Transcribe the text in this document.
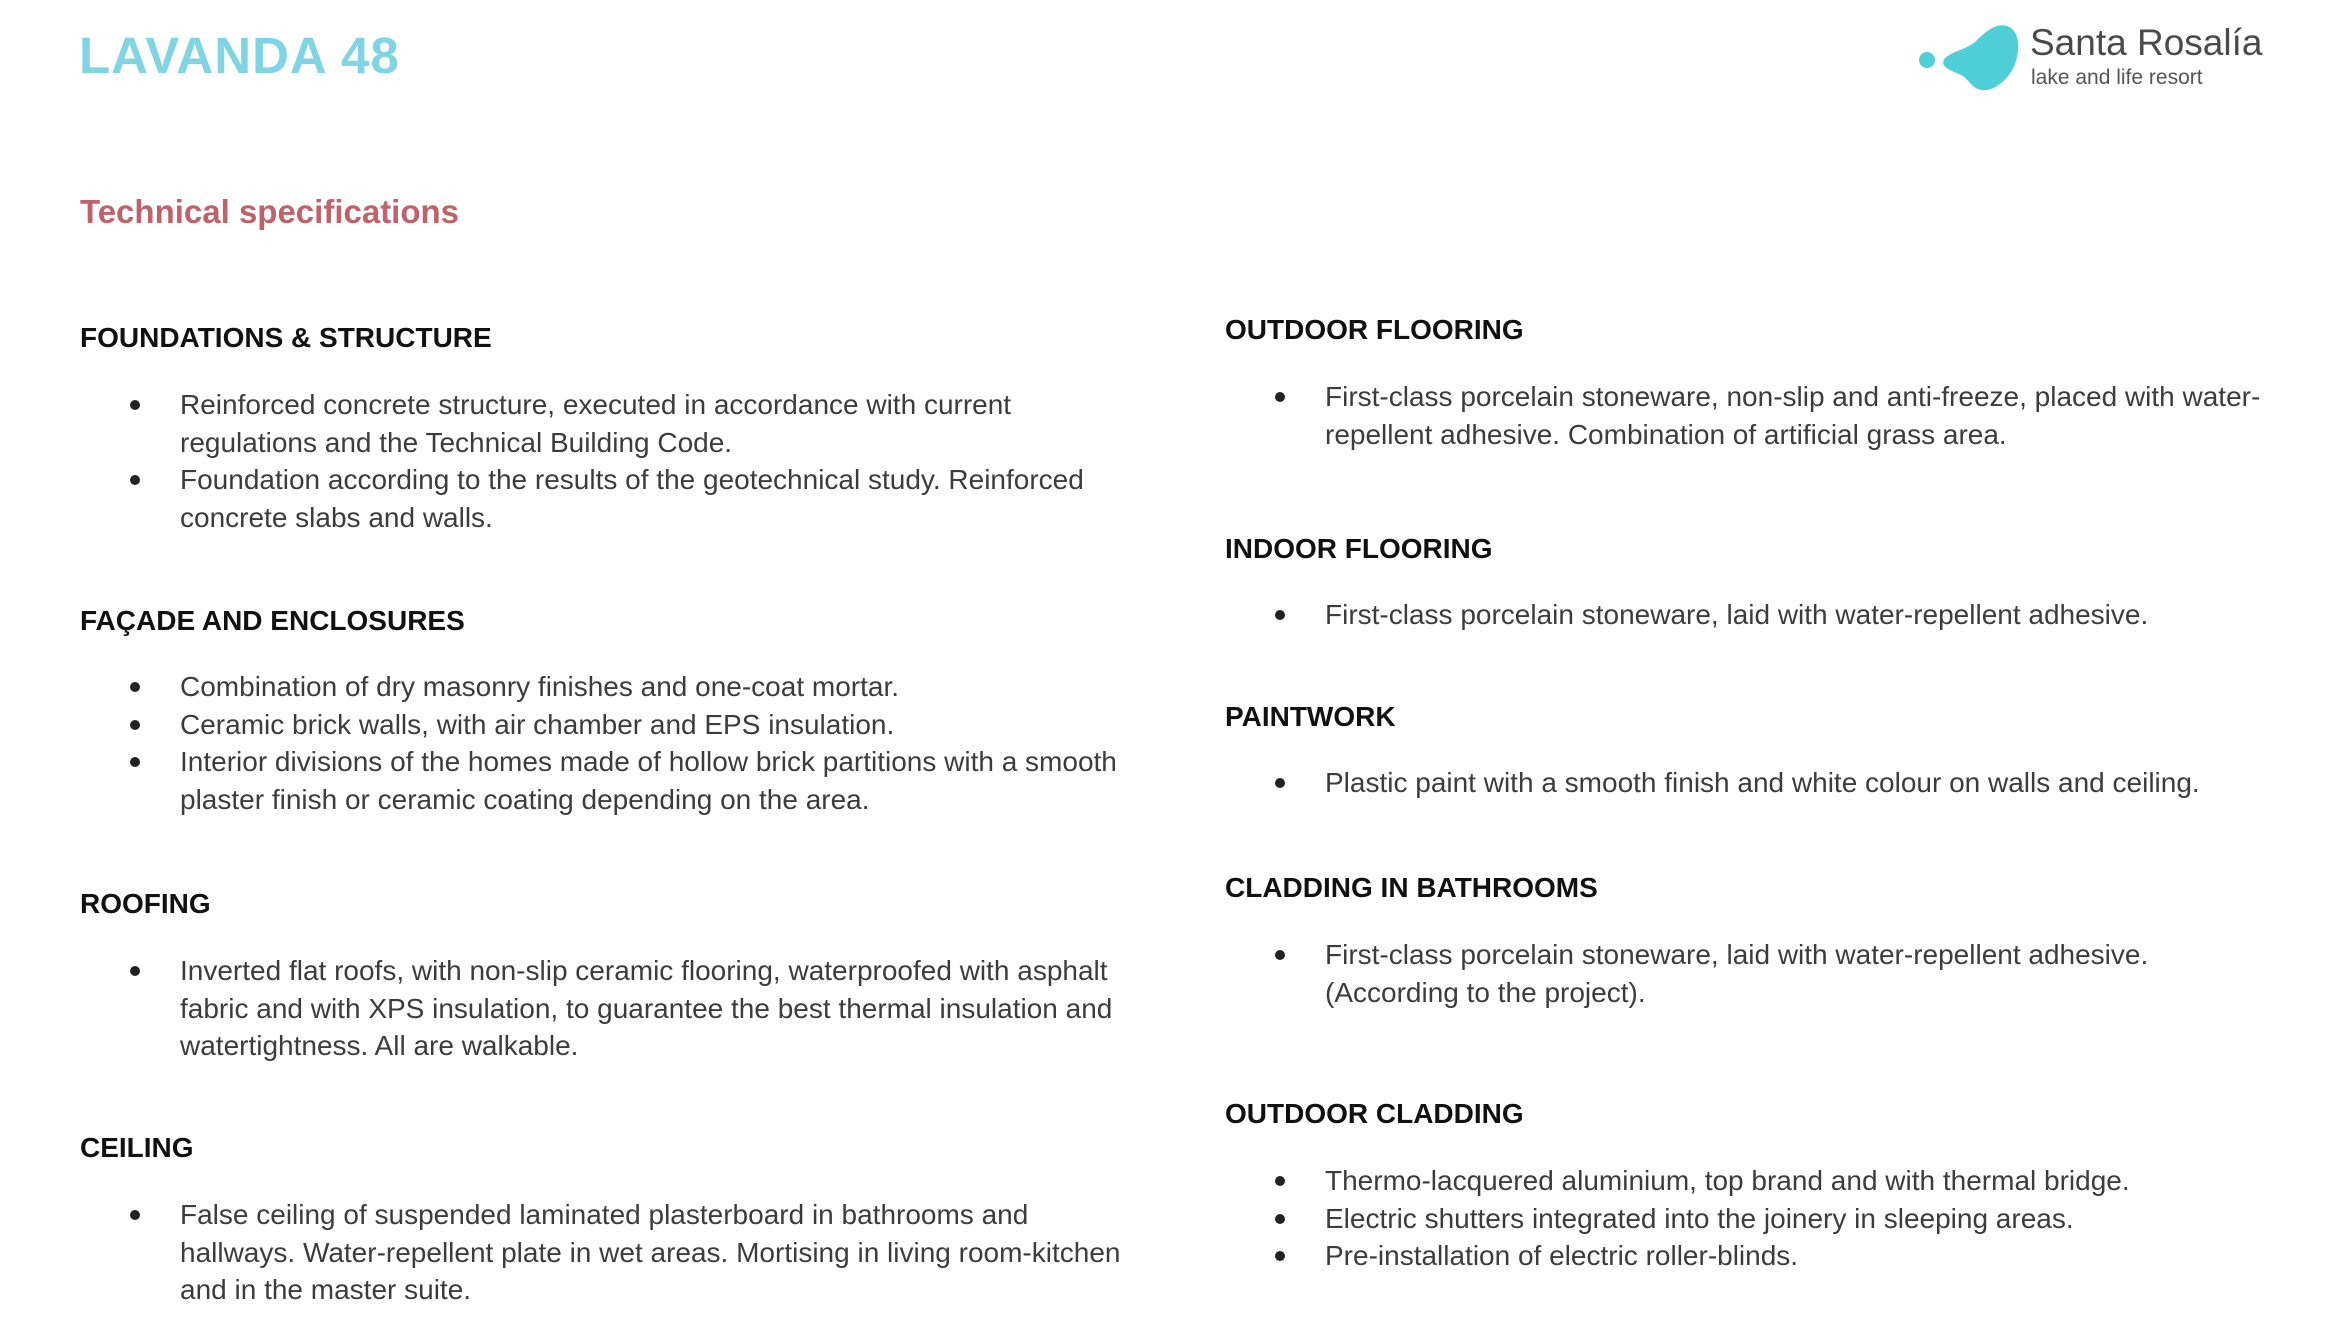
LAVANDA 48	Santa Rosalía
lake and life resort
Technical specifications
FOUNDATIONS & STRUCTURE
Reinforced concrete structure, executed in accordance with current regulations and the Technical Building Code.
Foundation according to the results of the geotechnical study. Reinforced concrete slabs and walls.
FAÇADE AND ENCLOSURES
Combination of dry masonry finishes and one-coat mortar.
Ceramic brick walls, with air chamber and EPS insulation.
Interior divisions of the homes made of hollow brick partitions with a smooth plaster finish or ceramic coating depending on the area.
ROOFING
Inverted flat roofs, with non-slip ceramic flooring, waterproofed with asphalt fabric and with XPS insulation, to guarantee the best thermal insulation and watertightness. All are walkable.
CEILING
False ceiling of suspended laminated plasterboard in bathrooms and hallways. Water-repellent plate in wet areas. Mortising in living room-kitchen and in the master suite.
OUTDOOR FLOORING
First-class porcelain stoneware, non-slip and anti-freeze, placed with water-repellent adhesive. Combination of artificial grass area.
INDOOR FLOORING
First-class porcelain stoneware, laid with water-repellent adhesive.
PAINTWORK
Plastic paint with a smooth finish and white colour on walls and ceiling.
CLADDING IN BATHROOMS
First-class porcelain stoneware, laid with water-repellent adhesive. (According to the project).
OUTDOOR CLADDING
Thermo-lacquered aluminium, top brand and with thermal bridge.
Electric shutters integrated into the joinery in sleeping areas.
Pre-installation of electric roller-blinds.
